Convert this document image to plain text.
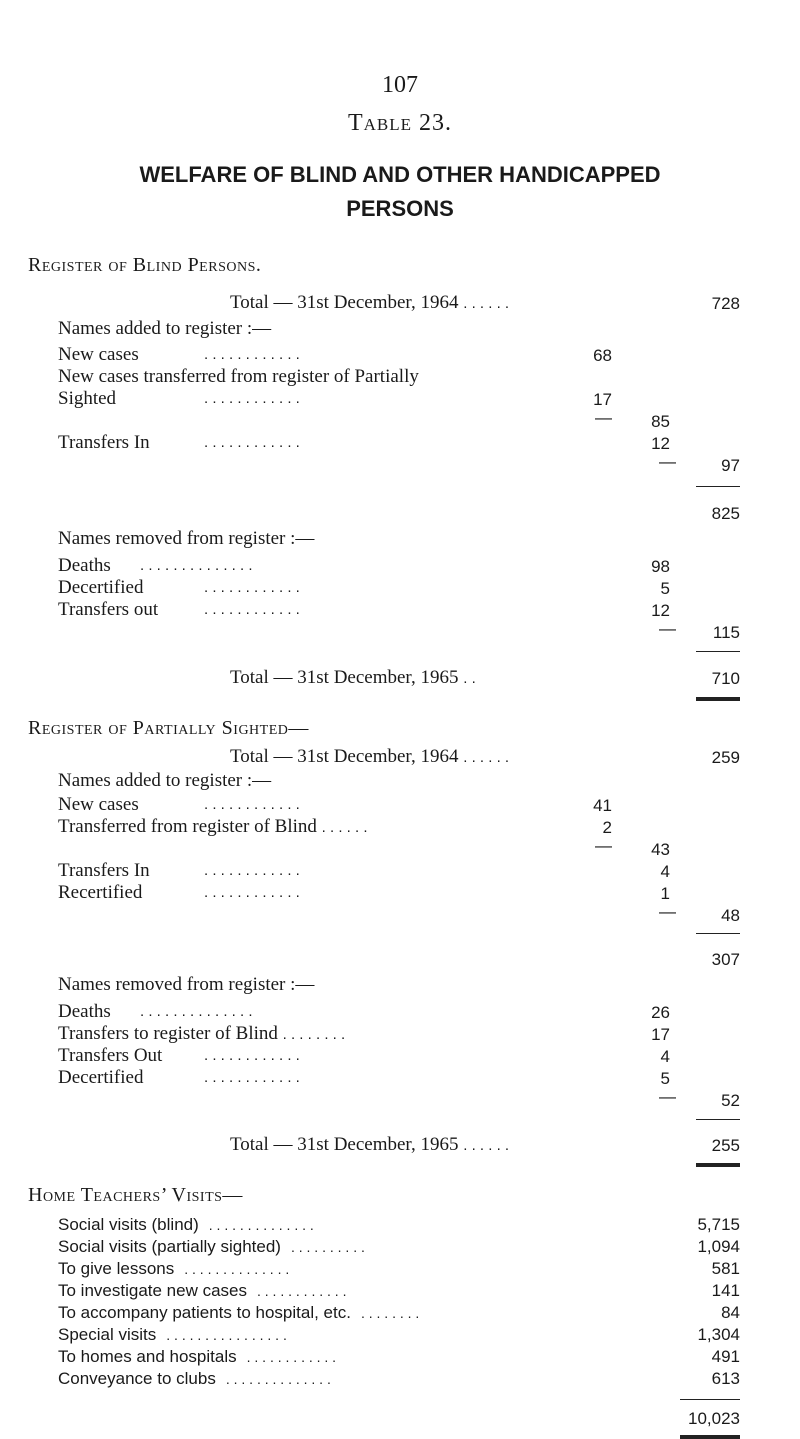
107
Table 23.
WELFARE OF BLIND AND OTHER HANDICAPPED
PERSONS
Register of Blind Persons.
Total — 31st December, 1964 . . . . . .	728
Names added to register :—
New cases	. . . . . . . . . . . .	68
New cases transferred from register of Partially
Sighted	. . . . . . . . . . . .	17
—	85
Transfers In	. . . . . . . . . . . .	12
—	97
825
Names removed from register :—
Deaths . . . . . . . . . . . . . .	98
Decertified	. . . . . . . . . . . .	5
Transfers out	. . . . . . . . . . . .	12
—	115
Total — 31st December, 1965 . .	710
Register of Partially Sighted—
Total — 31st December, 1964 . . . . . .	259
Names added to register :—
New cases	. . . . . . . . . . . .	41
Transferred from register of Blind . . . . . .	2
—	43
Transfers In	. . . . . . . . . . . .	4
Recertified	. . . . . . . . . . . .	1
—	48
307
Names removed from register :—
Deaths . . . . . . . . . . . . . .	26
Transfers to register of Blind . . . . . . . .	17
Transfers Out	. . . . . . . . . . . .	4
Decertified	. . . . . . . . . . . .	5
—	52
Total — 31st December, 1965 . . . . . .	255
Home Teachers’ Visits—
Social visits (blind) . . . . . . . . . . . . . .	5,715
Social visits (partially sighted) . . . . . . . . . .	1,094
To give lessons . . . . . . . . . . . . . .	581
To investigate new cases . . . . . . . . . . . .	141
To accompany patients to hospital, etc. . . . . . . . .	84
Special visits . . . . . . . . . . . . . . . .	1,304
To homes and hospitals . . . . . . . . . . . .	491
Conveyance to clubs . . . . . . . . . . . . . .	613
10,023
